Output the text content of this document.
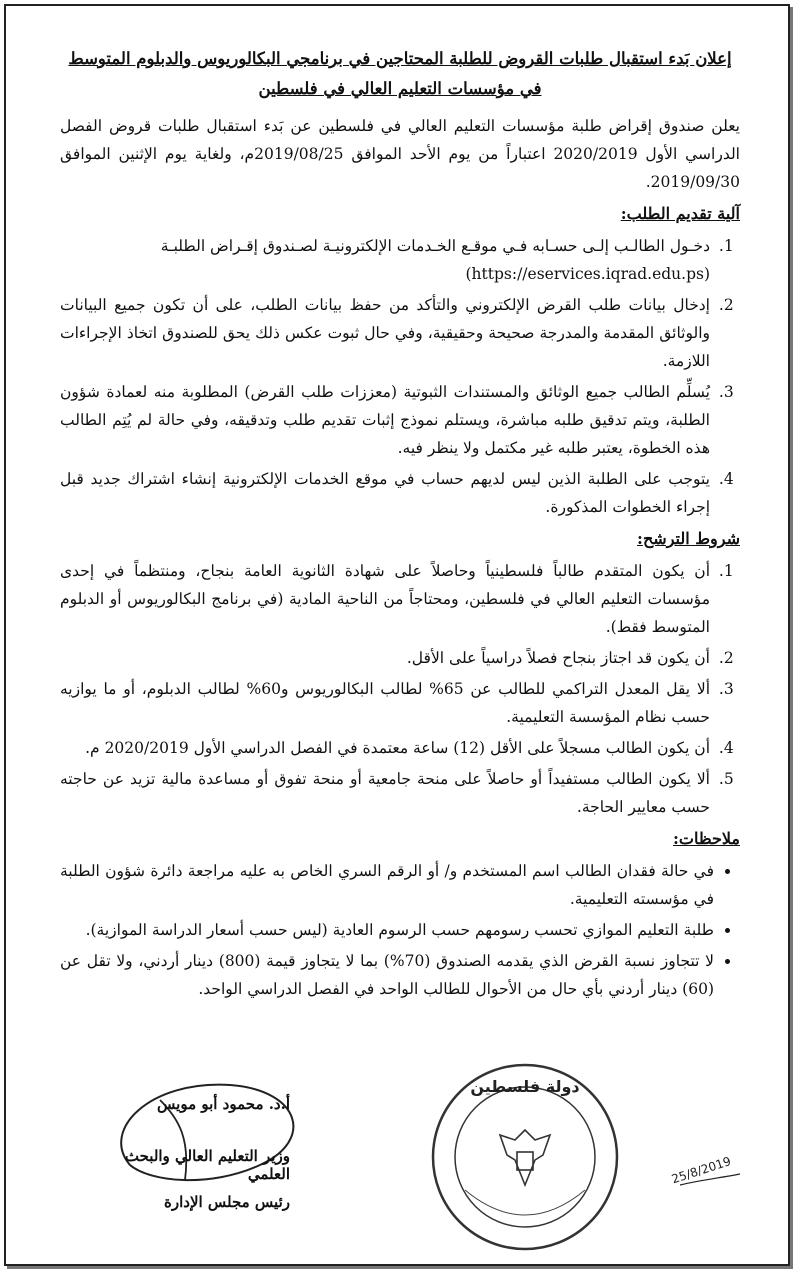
إعلان بَدء استقبال طلبات القروض للطلبة المحتاجين في برنامجي البكالوريوس والدبلوم المتوسط في مؤسسات التعليم العالي في فلسطين

يعلن صندوق إقراض طلبة مؤسسات التعليم العالي في فلسطين عن بَدء استقبال طلبات قروض الفصل الدراسي الأول 2020/2019 اعتباراً من يوم الأحد الموافق 2019/08/25م، ولغاية يوم الإثنين الموافق 2019/09/30.

آلية تقديم الطلب:

1. دخـول الطالـب إلـى حسـابه فـي موقـع الخـدمات الإلكترونيـة لصـندوق إقـراض الطلبـة
(https://eservices.iqrad.edu.ps)
2. إدخال بيانات طلب القرض الإلكتروني والتأكد من حفظ بيانات الطلب، على أن تكون جميع البيانات والوثائق المقدمة والمدرجة صحيحة وحقيقية، وفي حال ثبوت عكس ذلك يحق للصندوق اتخاذ الإجراءات اللازمة.
3. يُسلِّم الطالب جميع الوثائق والمستندات الثبوتية (معززات طلب القرض) المطلوبة منه لعمادة شؤون الطلبة، ويتم تدقيق طلبه مباشرة، ويستلم نموذج إثبات تقديم طلب وتدقيقه، وفي حالة لم يُتِم الطالب هذه الخطوة، يعتبر طلبه غير مكتمل ولا ينظر فيه.
4. يتوجب على الطلبة الذين ليس لديهم حساب في موقع الخدمات الإلكترونية إنشاء اشتراك جديد قبل إجراء الخطوات المذكورة.

شروط الترشح:

1. أن يكون المتقدم طالباً فلسطينياً وحاصلاً على شهادة الثانوية العامة بنجاح، ومنتظماً في إحدى مؤسسات التعليم العالي في فلسطين، ومحتاجاً من الناحية المادية (في برنامج البكالوريوس أو الدبلوم المتوسط فقط).
2. أن يكون قد اجتاز بنجاح فصلاً دراسياً على الأقل.
3. ألا يقل المعدل التراكمي للطالب عن 65% لطالب البكالوريوس و60% لطالب الدبلوم، أو ما يوازيه حسب نظام المؤسسة التعليمية.
4. أن يكون الطالب مسجلاً على الأقل (12) ساعة معتمدة في الفصل الدراسي الأول 2020/2019 م.
5. ألا يكون الطالب مستفيداً أو حاصلاً على منحة جامعية أو منحة تفوق أو مساعدة مالية تزيد عن حاجته حسب معايير الحاجة.

ملاحظات:

• في حالة فقدان الطالب اسم المستخدم و/ أو الرقم السري الخاص به عليه مراجعة دائرة شؤون الطلبة في مؤسسته التعليمية.
• طلبة التعليم الموازي تحسب رسومهم حسب الرسوم العادية (ليس حسب أسعار الدراسة الموازية).
• لا تتجاوز نسبة القرض الذي يقدمه الصندوق (70%) بما لا يتجاوز قيمة (800) دينار أردني، ولا تقل عن (60) دينار أردني بأي حال من الأحوال للطالب الواحد في الفصل الدراسي الواحد.
أ.د. محمود أبو مويس
وزير التعليم العالي والبحث العلمي
رئيس مجلس الإدارة
دولة فلسطين
25/8/2019
